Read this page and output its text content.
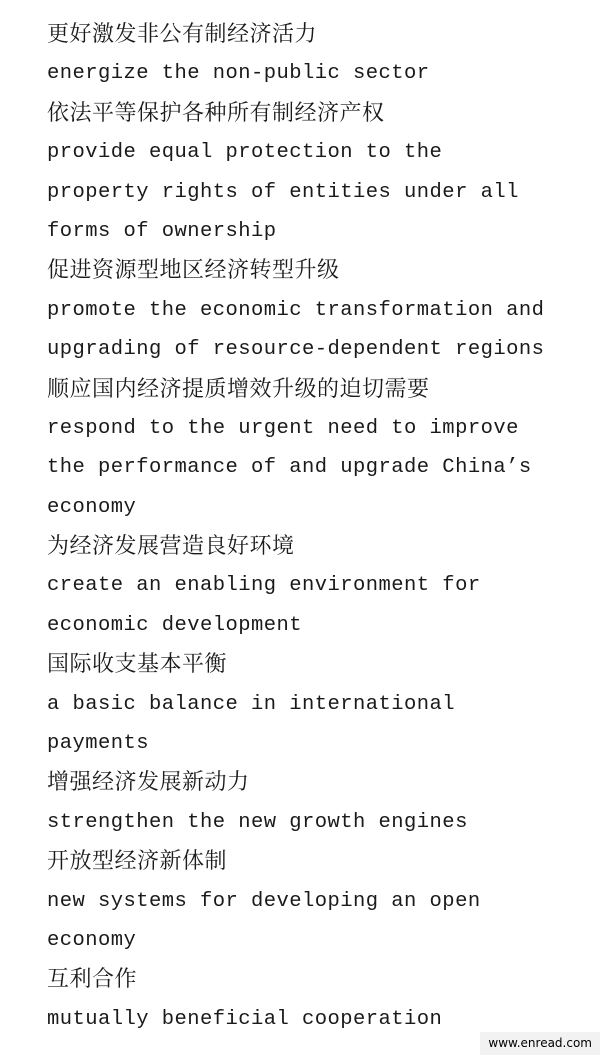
更好激发非公有制经济活力
energize the non-public sector
依法平等保护各种所有制经济产权
provide equal protection to the
property rights of entities under all
forms of ownership
促进资源型地区经济转型升级
promote the economic transformation and
upgrading of resource-dependent regions
顺应国内经济提质增效升级的迫切需要
respond to the urgent need to improve
the performance of and upgrade China’s
economy
为经济发展营造良好环境
create an enabling environment for
economic development
国际收支基本平衡
a basic balance in international
payments
增强经济发展新动力
strengthen the new growth engines
开放型经济新体制
new systems for developing an open
economy
互利合作
mutually beneficial cooperation
www.enread.com
